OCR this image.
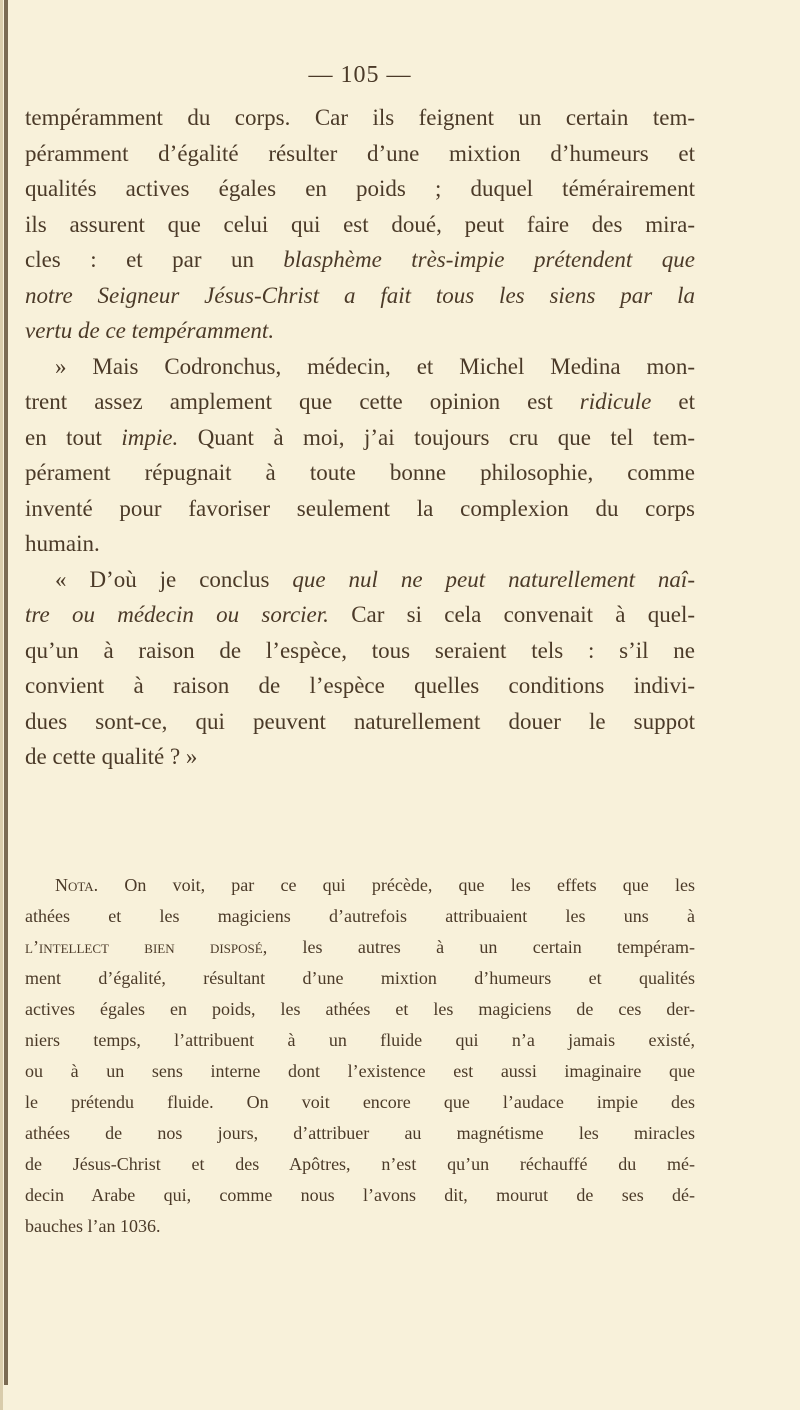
— 105 —
tempéramment du corps. Car ils feignent un certain tem-
péramment d’égalité résulter d’une mixtion d’humeurs et
qualités actives égales en poids ; duquel témérairement
ils assurent que celui qui est doué, peut faire des mira-
cles : et par un blasphème très-impie prétendent que
notre Seigneur Jésus-Christ a fait tous les siens par la
vertu de ce tempéramment.
» Mais Codronchus, médecin, et Michel Medina mon-
trent assez amplement que cette opinion est ridicule et
en tout impie. Quant à moi, j’ai toujours cru que tel tem-
pérament répugnait à toute bonne philosophie, comme
inventé pour favoriser seulement la complexion du corps
humain.
« D’où je conclus que nul ne peut naturellement naî-
tre ou médecin ou sorcier. Car si cela convenait à quel-
qu’un à raison de l’espèce, tous seraient tels : s’il ne
convient à raison de l’espèce quelles conditions indivi-
dues sont-ce, qui peuvent naturellement douer le suppot
de cette qualité ? »
Nota. On voit, par ce qui précède, que les effets que les
athées et les magiciens d’autrefois attribuaient les uns à
l’intellect bien disposé, les autres à un certain tempéram-
ment d’égalité, résultant d’une mixtion d’humeurs et qualités
actives égales en poids, les athées et les magiciens de ces der-
niers temps, l’attribuent à un fluide qui n’a jamais existé,
ou à un sens interne dont l’existence est aussi imaginaire que
le prétendu fluide. On voit encore que l’audace impie des
athées de nos jours, d’attribuer au magnétisme les miracles
de Jésus-Christ et des Apôtres, n’est qu’un réchauffé du mé-
decin Arabe qui, comme nous l’avons dit, mourut de ses dé-
bauches l’an 1036.
